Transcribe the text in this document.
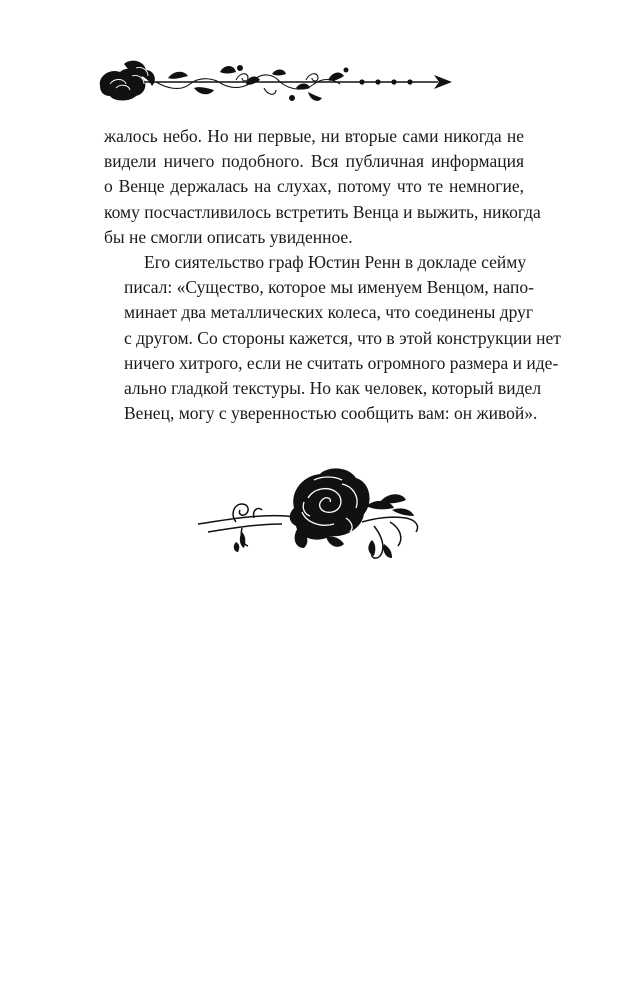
жалось небо. Но ни первые, ни вторые сами никогда не
видели ничего подобного. Вся публичная информация
о Венце держалась на слухах, потому что те немногие,
кому посчастливилось встретить Венца и выжить, никогда
бы не смогли описать увиденное.

Его сиятельство граф Юстин Ренн в докладе сейму
писал: «Существо, которое мы именуем Венцом, напо-
минает два металлических колеса, что соединены друг
с другом. Со стороны кажется, что в этой конструкции нет
ничего хитрого, если не считать огромного размера и иде-
ально гладкой текстуры. Но как человек, который видел
Венец, могу с уверенностью сообщить вам: он живой».
